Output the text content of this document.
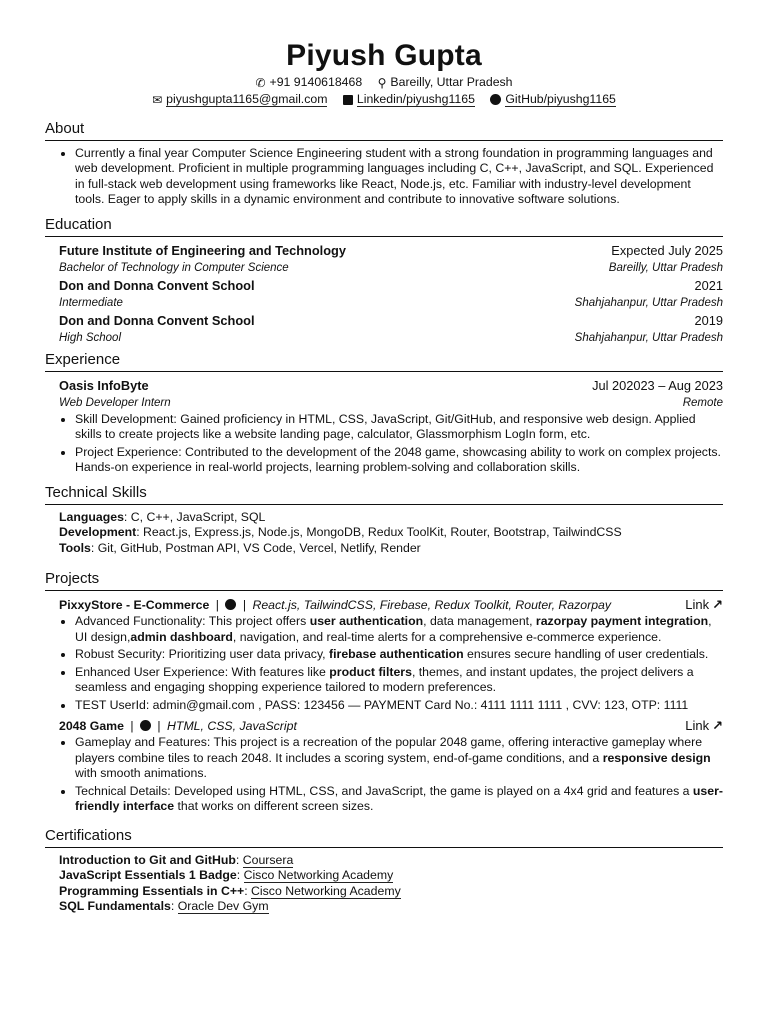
Piyush Gupta
✆ +91 9140618468 ⚲ Bareilly, Uttar Pradesh
✉ piyushgupta1165@gmail.com Linkedin/piyushg1165 GitHub/piyushg1165
About
• Currently a final year Computer Science Engineering student with a strong foundation in programming languages and web development. Proficient in multiple programming languages including C, C++, JavaScript, and SQL. Experienced in full-stack web development using frameworks like React, Node.js, etc. Familiar with industry-level development tools. Eager to apply skills in a dynamic environment and contribute to innovative software solutions.
Education
Future Institute of Engineering and Technology	Expected July 2025
Bachelor of Technology in Computer Science	Bareilly, Uttar Pradesh
Don and Donna Convent School	2021
Intermediate	Shahjahanpur, Uttar Pradesh
Don and Donna Convent School	2019
High School	Shahjahanpur, Uttar Pradesh
Experience
Oasis InfoByte	Jul 202023 – Aug 2023
Web Developer Intern	Remote
• Skill Development: Gained proficiency in HTML, CSS, JavaScript, Git/GitHub, and responsive web design. Applied skills to create projects like a website landing page, calculator, Glassmorphism LogIn form, etc.
• Project Experience: Contributed to the development of the 2048 game, showcasing ability to work on complex projects. Hands-on experience in real-world projects, learning problem-solving and collaboration skills.
Technical Skills
Languages: C, C++, JavaScript, SQL
Development: React.js, Express.js, Node.js, MongoDB, Redux ToolKit, Router, Bootstrap, TailwindCSS
Tools: Git, GitHub, Postman API, VS Code, Vercel, Netlify, Render
Projects
PixxyStore - E-Commerce | | React.js, TailwindCSS, Firebase, Redux Toolkit, Router, Razorpay	Link ↗
• Advanced Functionality: This project offers user authentication, data management, razorpay payment integration, UI design,admin dashboard, navigation, and real-time alerts for a comprehensive e-commerce experience.
• Robust Security: Prioritizing user data privacy, firebase authentication ensures secure handling of user credentials.
• Enhanced User Experience: With features like product filters, themes, and instant updates, the project delivers a seamless and engaging shopping experience tailored to modern preferences.
• TEST UserId: admin@gmail.com , PASS: 123456 — PAYMENT Card No.: 4111 1111 1111 , CVV: 123, OTP: 1111
2048 Game | | HTML, CSS, JavaScript	Link ↗
• Gameplay and Features: This project is a recreation of the popular 2048 game, offering interactive gameplay where players combine tiles to reach 2048. It includes a scoring system, end-of-game conditions, and a responsive design with smooth animations.
• Technical Details: Developed using HTML, CSS, and JavaScript, the game is played on a 4x4 grid and features a user-friendly interface that works on different screen sizes.
Certifications
Introduction to Git and GitHub: Coursera
JavaScript Essentials 1 Badge: Cisco Networking Academy
Programming Essentials in C++: Cisco Networking Academy
SQL Fundamentals: Oracle Dev Gym
